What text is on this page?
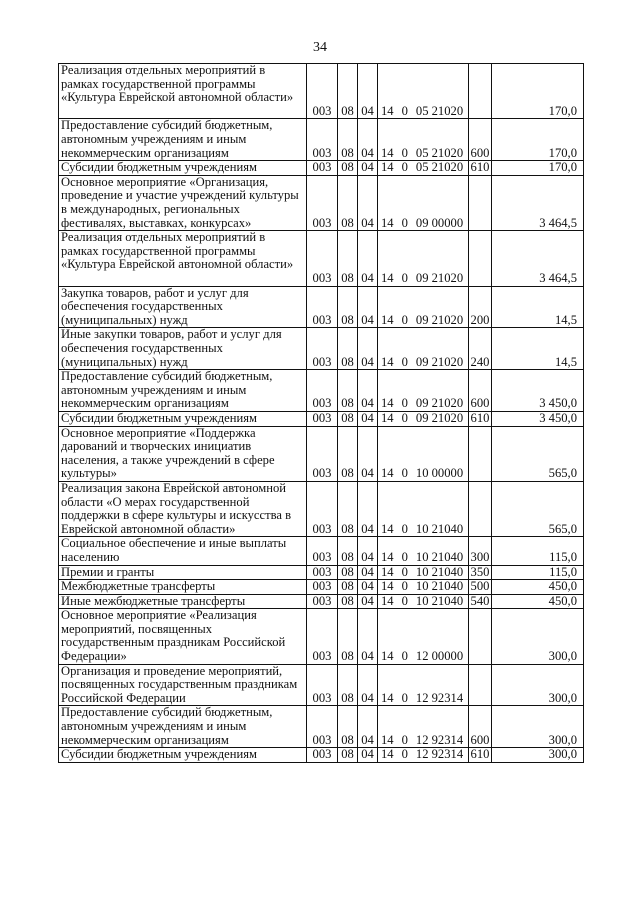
34
Реализация отдельных мероприятий в рамках государственной программы «Культура Еврейской автономной области»	003	08	04	14 0 05 21020		170,0
Предоставление субсидий бюджетным, автономным учреждениям и иным некоммерческим организациям	003	08	04	14 0 05 21020	600	170,0
Субсидии бюджетным учреждениям	003	08	04	14 0 05 21020	610	170,0
Основное мероприятие «Организация, проведение и участие учреждений культуры в международных, региональных фестивалях, выставках, конкурсах»	003	08	04	14 0 09 00000		3 464,5
Реализация отдельных мероприятий в рамках государственной программы «Культура Еврейской автономной области»	003	08	04	14 0 09 21020		3 464,5
Закупка товаров, работ и услуг для обеспечения государственных (муниципальных) нужд	003	08	04	14 0 09 21020	200	14,5
Иные закупки товаров, работ и услуг для обеспечения государственных (муниципальных) нужд	003	08	04	14 0 09 21020	240	14,5
Предоставление субсидий бюджетным, автономным учреждениям и иным некоммерческим организациям	003	08	04	14 0 09 21020	600	3 450,0
Субсидии бюджетным учреждениям	003	08	04	14 0 09 21020	610	3 450,0
Основное мероприятие «Поддержка дарований и творческих инициатив населения, а также учреждений в сфере культуры»	003	08	04	14 0 10 00000		565,0
Реализация закона Еврейской автономной области «О мерах государственной поддержки в сфере культуры и искусства в Еврейской автономной области»	003	08	04	14 0 10 21040		565,0
Социальное обеспечение и иные выплаты населению	003	08	04	14 0 10 21040	300	115,0
Премии и гранты	003	08	04	14 0 10 21040	350	115,0
Межбюджетные трансферты	003	08	04	14 0 10 21040	500	450,0
Иные межбюджетные трансферты	003	08	04	14 0 10 21040	540	450,0
Основное мероприятие «Реализация мероприятий, посвященных государственным праздникам Российской Федерации»	003	08	04	14 0 12 00000		300,0
Организация и проведение мероприятий, посвященных государственным праздникам Российской Федерации	003	08	04	14 0 12 92314		300,0
Предоставление субсидий бюджетным, автономным учреждениям и иным некоммерческим организациям	003	08	04	14 0 12 92314	600	300,0
Субсидии бюджетным учреждениям	003	08	04	14 0 12 92314	610	300,0
